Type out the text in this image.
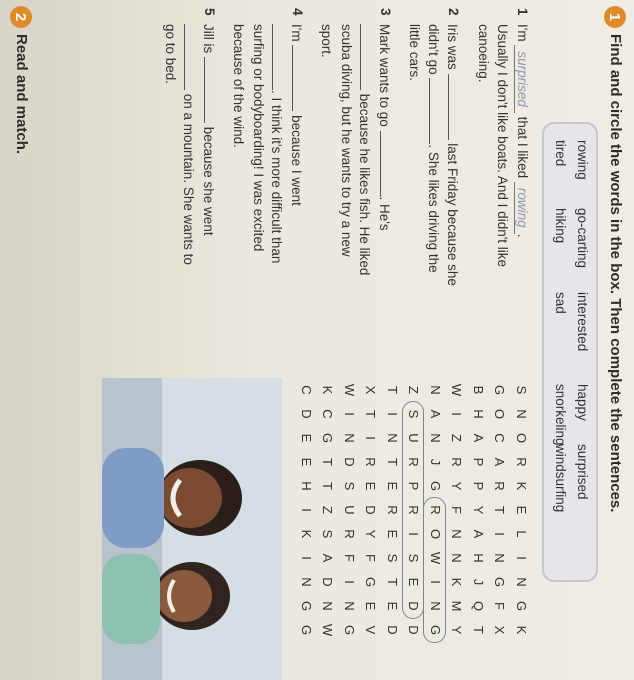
1
Find and circle the words in the box. Then complete the sentences.
rowing
go-carting
interested
happy
surprised
tired
hiking
sad
snorkeling
windsurfing
1
I'm surprised that I liked rowing.
Usually I don't like boats. And I didn't like
canoeing.
2
Iris was  last Friday because she
didn't go . She likes driving the
little cars.
3
Mark wants to go . He's
because he likes fish. He liked
scuba diving, but he wants to try a new
sport.
4
I'm  because I went
. I think it's more difficult than
surfing or bodyboarding! I was excited
because of the wind.
5
Jill is  because she went
on a mountain. She wants to
go to bed.
S
N
O
R
K
E
L
I
N
G
K
G
O
C
A
R
T
I
N
G
F
X
B
H
A
P
P
Y
A
H
J
Q
T
W
I
Z
R
Y
F
N
N
K
M
Y
N
A
N
J
G
R
O
W
I
N
G
Z
S
U
R
P
R
I
S
E
D
D
T
I
N
T
E
R
E
S
T
E
D
X
T
I
R
E
D
Y
F
G
E
V
W
I
N
D
S
U
R
F
I
N
G
K
C
G
T
T
Z
S
A
D
N
W
C
D
E
E
H
I
K
I
N
G
G
2
Read and match.
